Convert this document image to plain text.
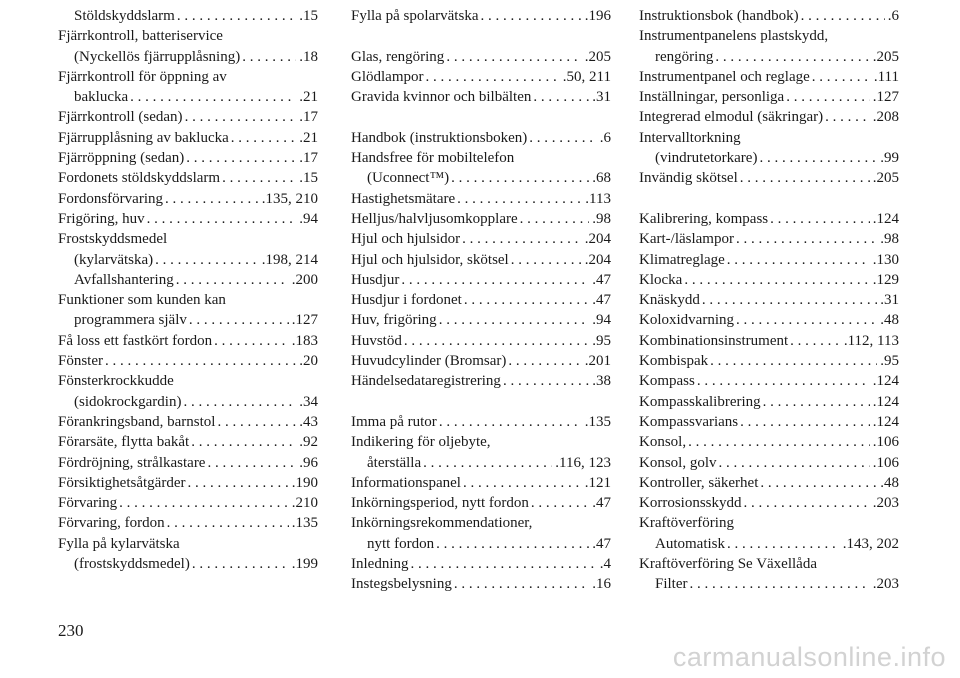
Stöldskyddslarm . . .	.15
Fjärrkontroll, batteriservice
(Nyckellös fjärrupplåsning) . . .	.18
Fjärrkontroll för öppning av
baklucka . . .	.21
Fjärrkontroll (sedan) . . .	.17
Fjärrupplåsning av baklucka . . .	.21
Fjärröppning (sedan) . . .	.17
Fordonets stöldskyddslarm . . .	.15
Fordonsförvaring . . .	.135, 210
Frigöring, huv . . .	.94
Frostskyddsmedel
(kylarvätska) . . .	.198, 214
Avfallshantering . . .	.200
Funktioner som kunden kan
programmera själv . . .	.127
Få loss ett fastkört fordon . . .	.183
Fönster . . .	.20
Fönsterkrockkudde
(sidokrockgardin) . . .	.34
Förankringsband, barnstol . . .	.43
Förarsäte, flytta bakåt . . .	.92
Fördröjning, strålkastare . . .	.96
Försiktighetsåtgärder . . .	.190
Förvaring . . .	.210
Förvaring, fordon . . .	.135
Fylla på kylarvätska
(frostskyddsmedel) . . .	.199
Fylla på spolarvätska . . .	.196
Glas, rengöring . . .	.205
Glödlampor . . .	.50, 211
Gravida kvinnor och bilbälten . . .	.31
Handbok (instruktionsboken) . . .	.6
Handsfree för mobiltelefon
(Uconnect™) . . .	.68
Hastighetsmätare . . .	.113
Helljus/halvljusomkopplare . . .	.98
Hjul och hjulsidor . . .	.204
Hjul och hjulsidor, skötsel . . .	.204
Husdjur . . .	.47
Husdjur i fordonet . . .	.47
Huv, frigöring . . .	.94
Huvstöd . . .	.95
Huvudcylinder (Bromsar) . . .	.201
Händelsedataregistrering . . .	.38
Imma på rutor . . .	.135
Indikering för oljebyte,
återställa . . .	.116, 123
Informationspanel . . .	.121
Inkörningsperiod, nytt fordon . . .	.47
Inkörningsrekommendationer,
nytt fordon . . .	.47
Inledning . . .	.4
Instegsbelysning . . .	.16
Instruktionsbok (handbok) . . .	.6
Instrumentpanelens plastskydd,
rengöring . . .	.205
Instrumentpanel och reglage . . .	.111
Inställningar, personliga . . .	.127
Integrerad elmodul (säkringar) . . .	.208
Intervalltorkning
(vindrutetorkare) . . .	.99
Invändig skötsel . . .	.205
Kalibrering, kompass . . .	.124
Kart-/läslampor . . .	.98
Klimatreglage . . .	.130
Klocka . . .	.129
Knäskydd . . .	.31
Koloxidvarning . . .	.48
Kombinationsinstrument . . .	.112, 113
Kombispak . . .	.95
Kompass . . .	.124
Kompasskalibrering . . .	.124
Kompassvarians . . .	.124
Konsol, . . .	.106
Konsol, golv . . .	.106
Kontroller, säkerhet . . .	.48
Korrosionsskydd . . .	.203
Kraftöverföring
Automatisk . . .	.143, 202
Kraftöverföring Se Växellåda
Filter . . .	.203
230
carmanualsonline.info
